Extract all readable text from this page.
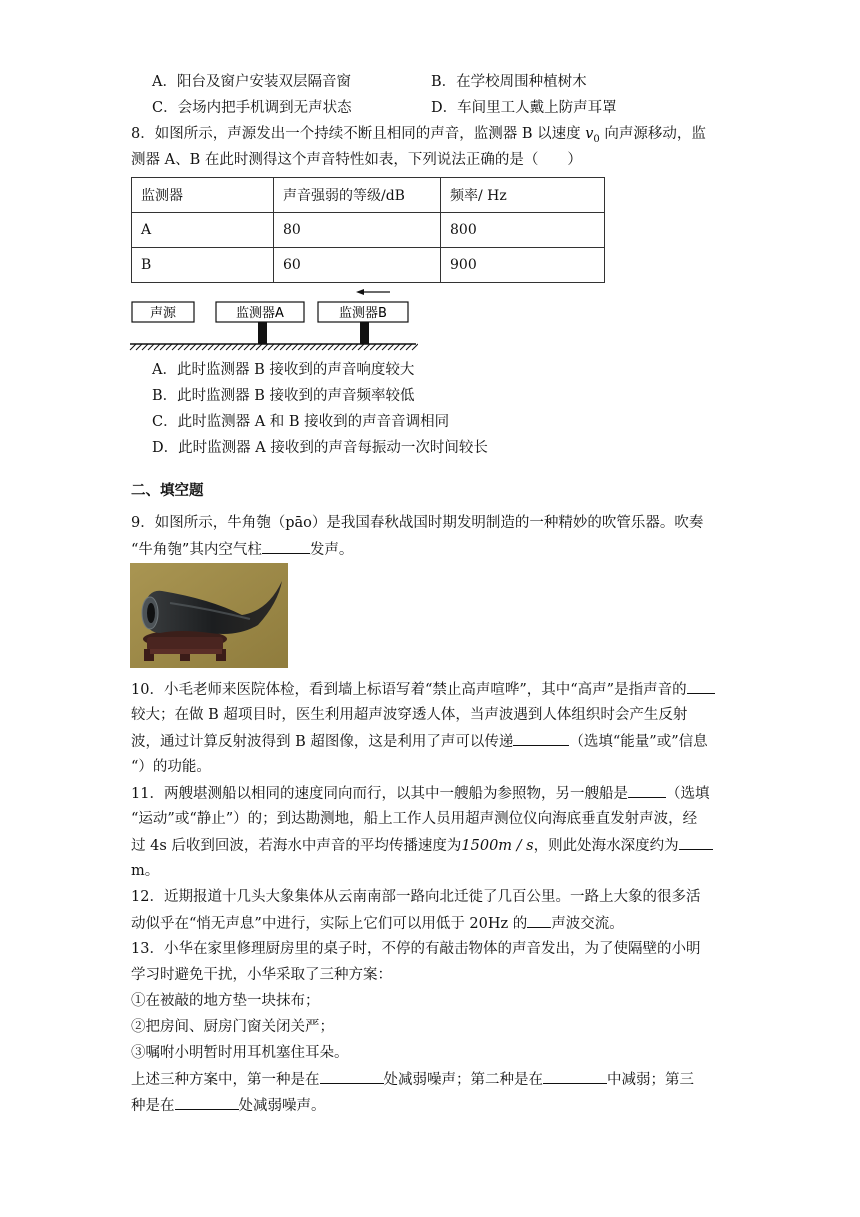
A．阳台及窗户安装双层隔音窗	B．在学校周围种植树木
C．会场内把手机调到无声状态	D．车间里工人戴上防声耳罩
8．如图所示，声源发出一个持续不断且相同的声音，监测器 B 以速度 $v_0$ 向声源移动，监
测器 A、B 在此时测得这个声音特性如表，下列说法正确的是（　　）
监测器	声音强弱的等级/dB	频率/ Hz
A	80	800
B	60	900
声源	监测器A	监测器B
A．此时监测器 B 接收到的声音响度较大
B．此时监测器 B 接收到的声音频率较低
C．此时监测器 A 和 B 接收到的声音音调相同
D．此时监测器 A 接收到的声音每振动一次时间较长
二、填空题
9．如图所示，牛角匏（pāo）是我国春秋战国时期发明制造的一种精妙的吹管乐器。吹奏
“牛角匏”其内空气柱	发声。
10．小毛老师来医院体检，看到墙上标语写着“禁止高声喧哗”，其中“高声”是指声音的
较大；在做 B 超项目时，医生利用超声波穿透人体，当声波遇到人体组织时会产生反射
波，通过计算反射波得到 B 超图像，这是利用了声可以传递	（选填“能量”或”信息
“）的功能。
11．两艘堪测船以相同的速度同向而行，以其中一艘船为参照物，另一艘船是	（选填
“运动”或“静止”）的；到达勘测地，船上工作人员用超声测位仪向海底垂直发射声波，经
过 4s 后收到回波，若海水中声音的平均传播速度为1500m / s，则此处海水深度约为
m。
12．近期报道十几头大象集体从云南南部一路向北迁徙了几百公里。一路上大象的很多活
动似乎在“悄无声息”中进行，实际上它们可以用低于 20Hz 的 声波交流。
13．小华在家里修理厨房里的桌子时，不停的有敲击物体的声音发出，为了使隔壁的小明
学习时避免干扰，小华采取了三种方案：
①在被敲的地方垫一块抹布；
②把房间、厨房门窗关闭关严；
③嘱咐小明暂时用耳机塞住耳朵。
上述三种方案中，第一种是在	处减弱噪声；第二种是在	中减弱；第三
种是在	处减弱噪声。
